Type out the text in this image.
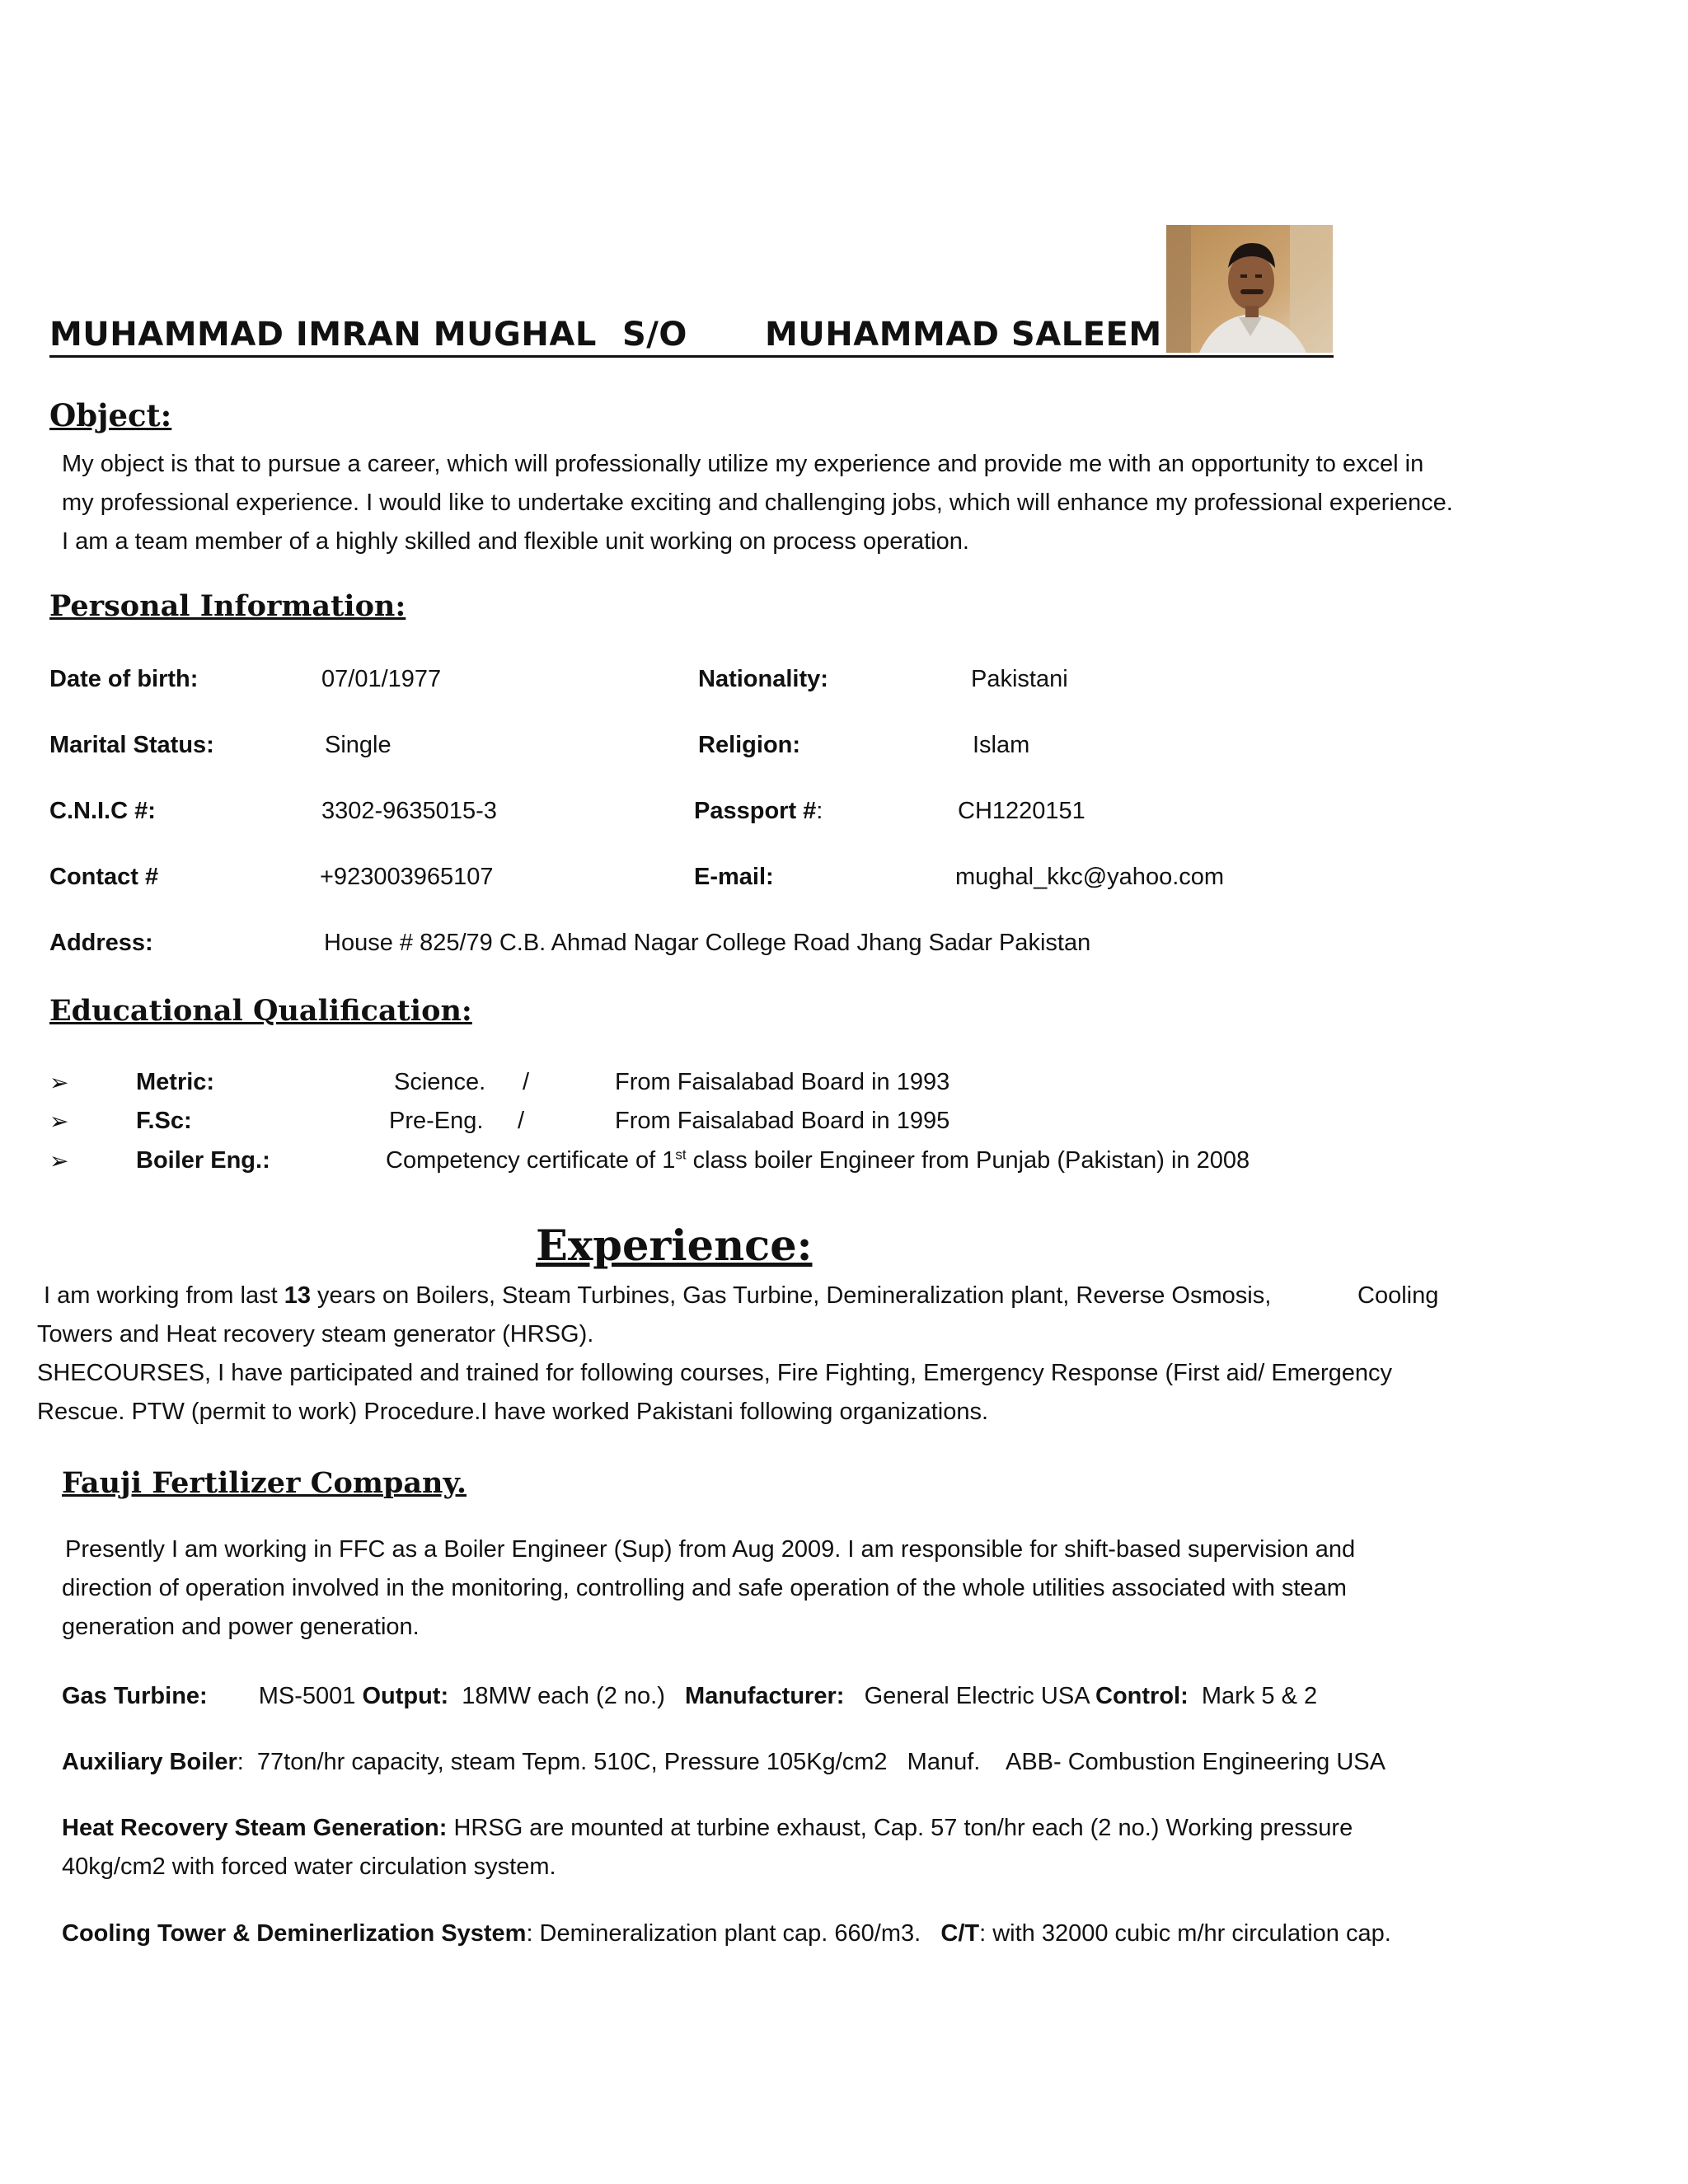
MUHAMMAD IMRAN MUGHAL S/O MUHAMMAD SALEEM
Object:
My object is that to pursue a career, which will professionally utilize my experience and provide me with an opportunity to excel in my professional experience. I would like to undertake exciting and challenging jobs, which will enhance my professional experience. I am a team member of a highly skilled and flexible unit working on process operation.
Personal Information:
Date of birth:	07/01/1977	Nationality:	Pakistani
Marital Status:	Single	Religion:	Islam
C.N.I.C #:	3302-9635015-3	Passport #:	CH1220151
Contact #	+923003965107	E-mail:	mughal_kkc@yahoo.com
Address:	House # 825/79 C.B. Ahmad Nagar College Road Jhang Sadar Pakistan
Educational Qualification:
➢	Metric:	Science. /	From Faisalabad Board in 1993
➢	F.Sc:	Pre-Eng. /	From Faisalabad Board in 1995
➢	Boiler Eng.:	Competency certificate of 1st class boiler Engineer from Punjab (Pakistan) in 2008
Experience:
I am working from last 13 years on Boilers, Steam Turbines, Gas Turbine, Demineralization plant, Reverse Osmosis,	Cooling
Towers and Heat recovery steam generator (HRSG).
SHECOURSES, I have participated and trained for following courses, Fire Fighting, Emergency Response (First aid/ Emergency
Rescue. PTW (permit to work) Procedure.I have worked Pakistani following organizations.
Fauji Fertilizer Company.
Presently I am working in FFC as a Boiler Engineer (Sup) from Aug 2009. I am responsible for shift-based supervision and
direction of operation involved in the monitoring, controlling and safe operation of the whole utilities associated with steam
generation and power generation.
Gas Turbine: MS-5001 Output: 18MW each (2 no.) Manufacturer: General Electric USA Control: Mark 5 & 2
Auxiliary Boiler:  77ton/hr capacity, steam Tepm. 510C, Pressure 105Kg/cm2   Manuf.    ABB- Combustion Engineering USA
Heat Recovery Steam Generation: HRSG are mounted at turbine exhaust, Cap. 57 ton/hr each (2 no.) Working pressure
40kg/cm2 with forced water circulation system.
Cooling Tower & Deminerlization System: Demineralization plant cap. 660/m3.   C/T: with 32000 cubic m/hr circulation cap.
